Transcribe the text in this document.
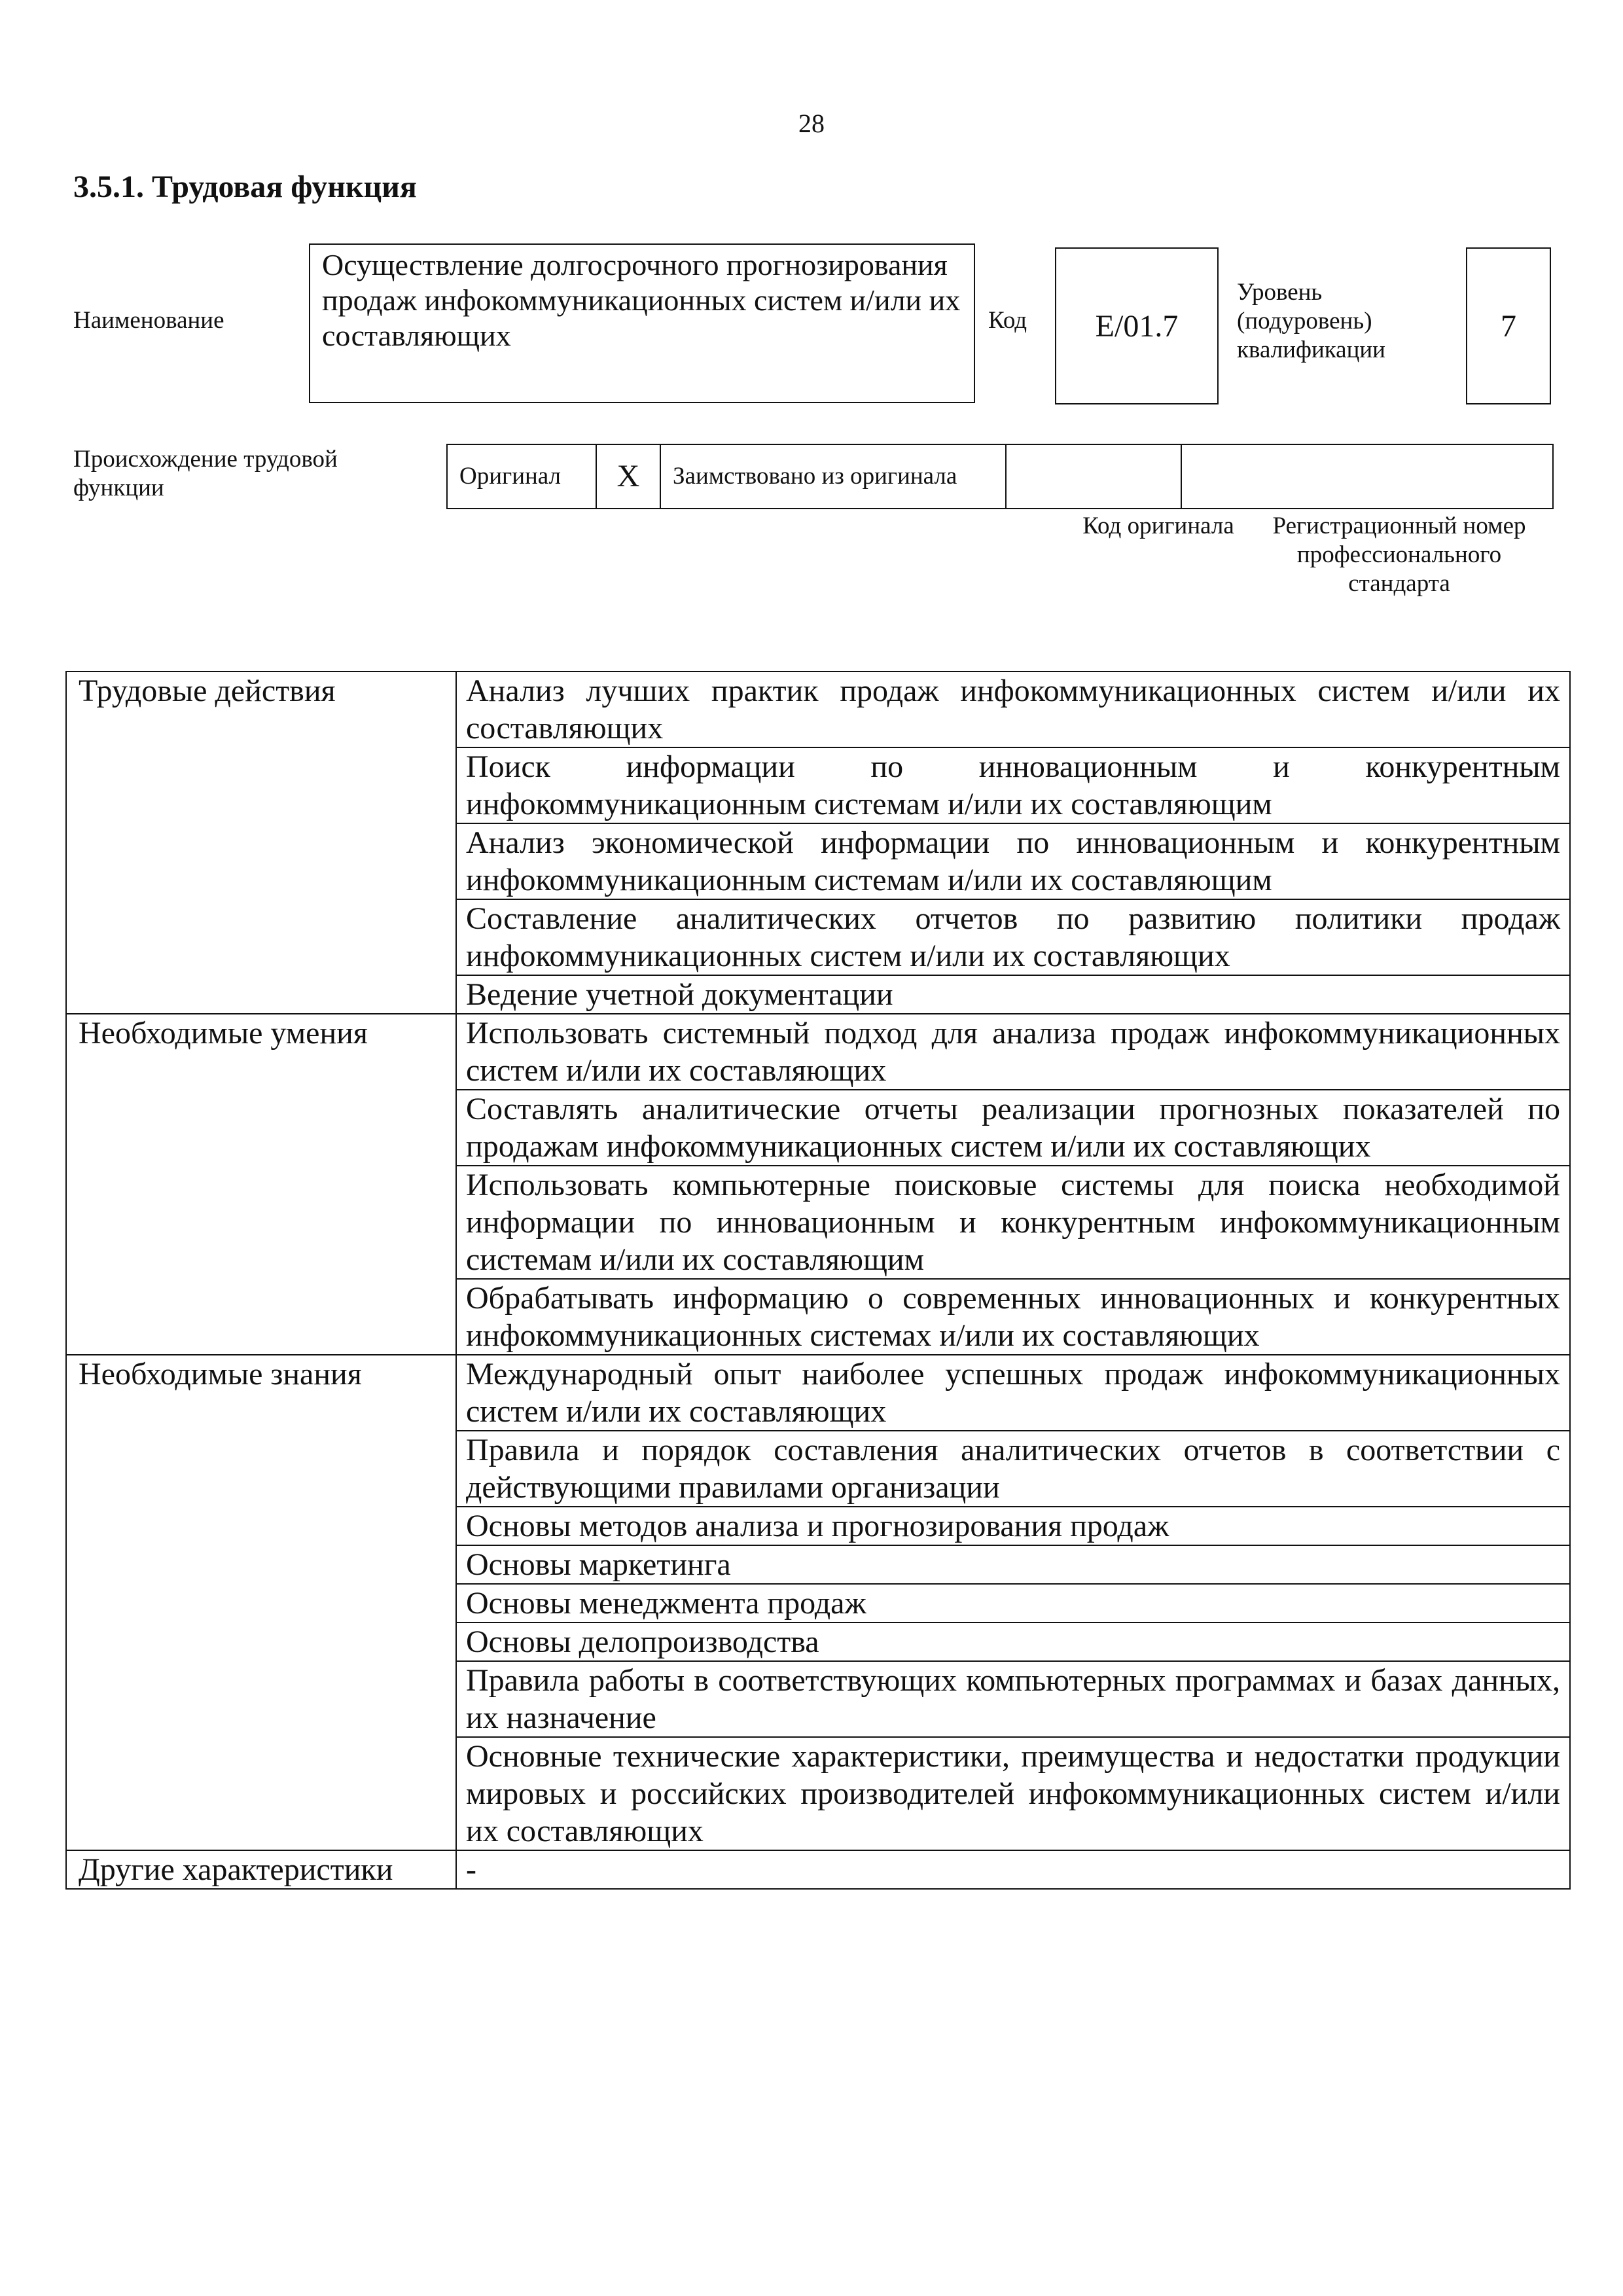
28
3.5.1. Трудовая функция
Наименование
Осуществление долгосрочного прогнозирования продаж инфокоммуникационных систем и/или их составляющих	Код	E/01.7
Уровень (подуровень) квалификации
7
Происхождение трудовой функции	Оригинал	X	Заимствовано из оригинала		
Код оригинала	Регистрационный номер профессионального стандарта
Трудовые действия	Анализ лучших практик продаж инфокоммуникационных систем и/или их составляющих
	Поиск информации по инновационным и конкурентным инфокоммуникационным системам и/или их составляющим
	Анализ экономической информации по инновационным и конкурентным инфокоммуникационным системам и/или их составляющим
	Составление аналитических отчетов по развитию политики продаж инфокоммуникационных систем и/или их составляющих
	Ведение учетной документации
Необходимые умения	Использовать системный подход для анализа продаж инфокоммуникационных систем и/или их составляющих
	Составлять аналитические отчеты реализации прогнозных показателей по продажам инфокоммуникационных систем и/или их составляющих
	Использовать компьютерные поисковые системы для поиска необходимой информации по инновационным и конкурентным инфокоммуникационным системам и/или их составляющим
	Обрабатывать информацию о современных инновационных и конкурентных инфокоммуникационных системах и/или их составляющих
Необходимые знания	Международный опыт наиболее успешных продаж инфокоммуникационных систем и/или их составляющих
	Правила и порядок составления аналитических отчетов в соответствии с действующими правилами организации
	Основы методов анализа и прогнозирования продаж
	Основы маркетинга
	Основы менеджмента продаж
	Основы делопроизводства
	Правила работы в соответствующих компьютерных программах и базах данных, их назначение
	Основные технические характеристики, преимущества и недостатки продукции мировых и российских производителей инфокоммуникационных систем и/или их составляющих
Другие характеристики	-
